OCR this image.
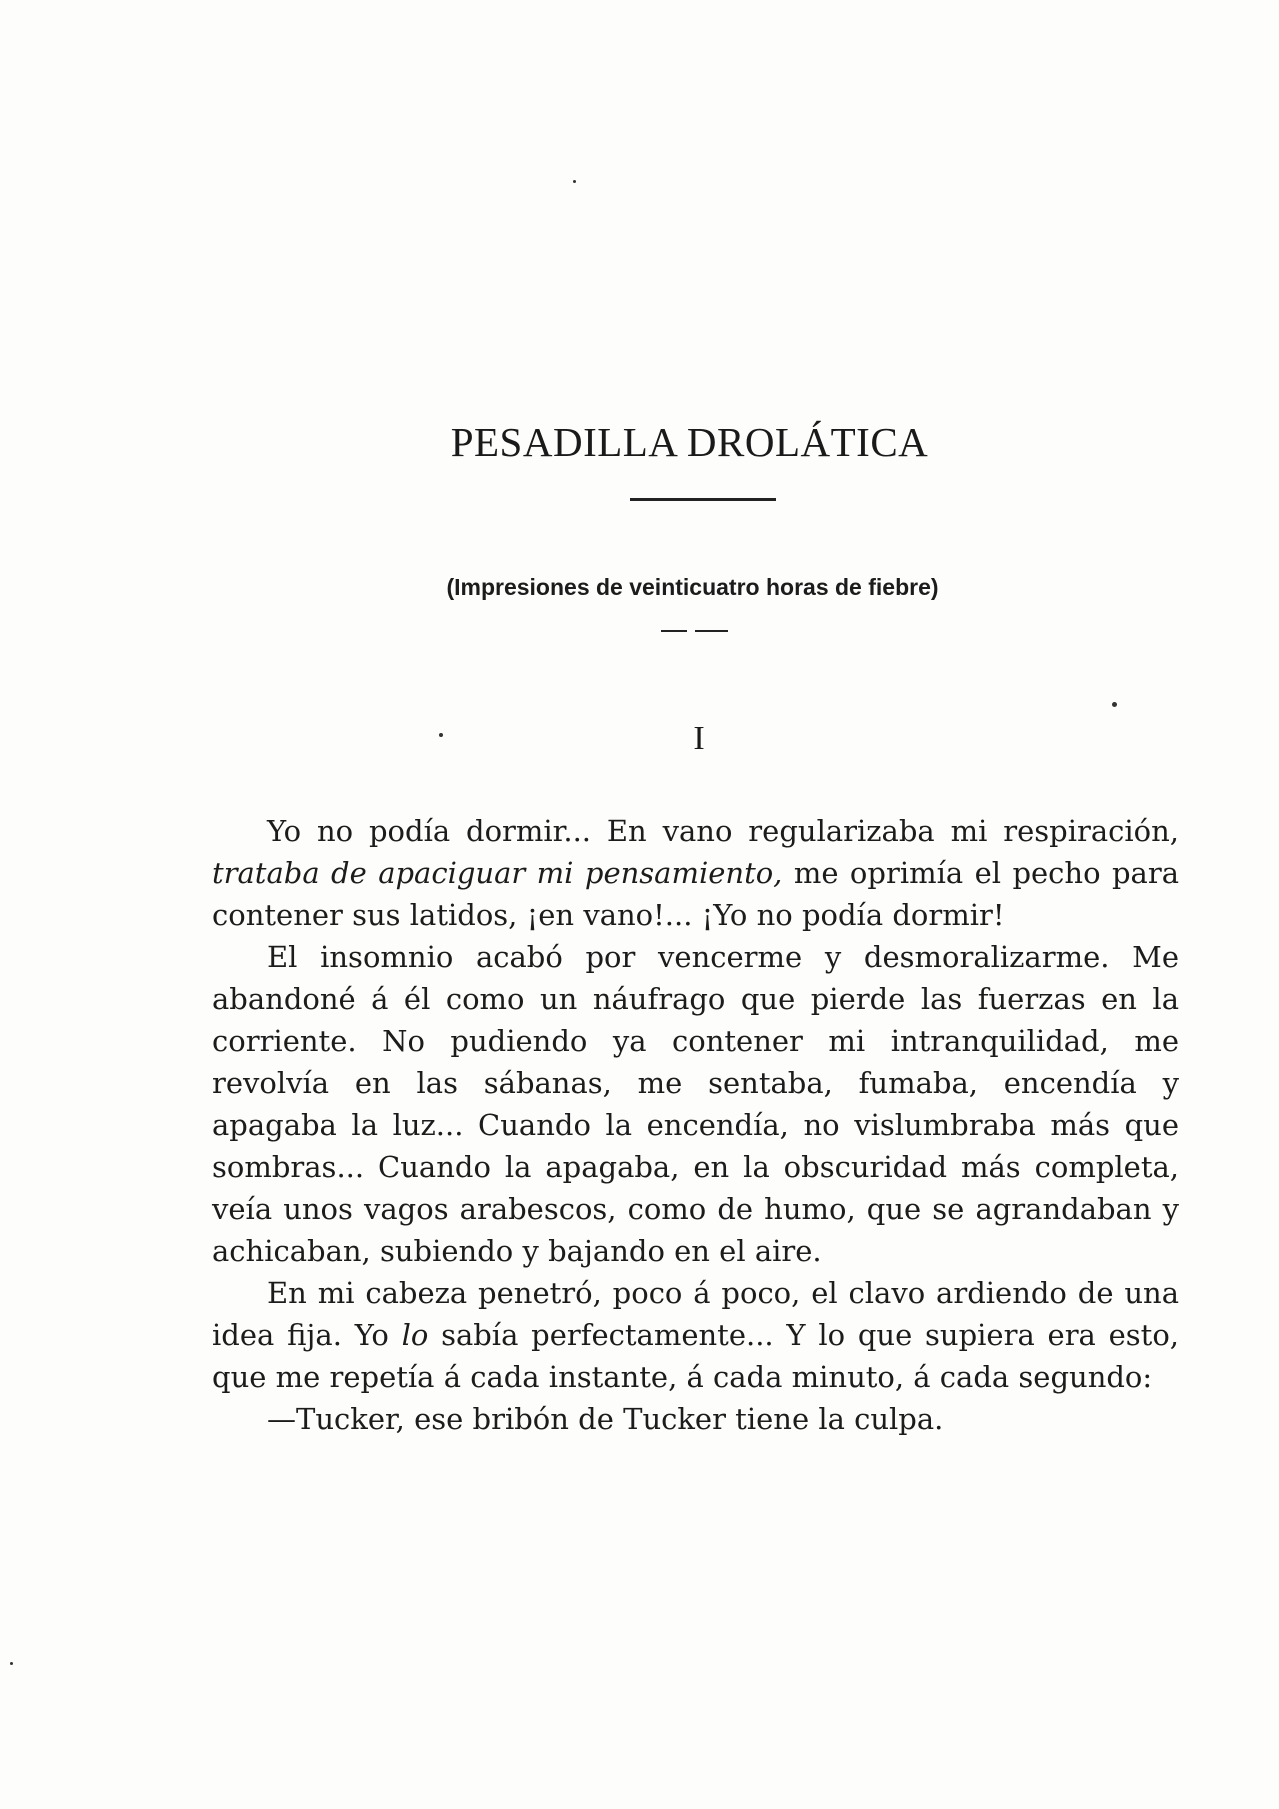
PESADILLA DROLÁTICA
(Impresiones de veinticuatro horas de fiebre)
I

Yo no podía dormir... En vano regularizaba mi respiración, trataba de apaciguar mi pensamiento, me oprimía el pecho para contener sus latidos, ¡en vano!... ¡Yo no podía dormir!

El insomnio acabó por vencerme y desmoralizarme. Me abandoné á él como un náufrago que pierde las fuerzas en la corriente. No pudiendo ya contener mi intranquilidad, me revolvía en las sábanas, me sentaba, fumaba, encendía y apagaba la luz... Cuando la encendía, no vislumbraba más que sombras... Cuando la apagaba, en la obscuridad más completa, veía unos vagos arabescos, como de humo, que se agrandaban y achicaban, subiendo y bajando en el aire.

En mi cabeza penetró, poco á poco, el clavo ardiendo de una idea fija. Yo lo sabía perfectamente... Y lo que supiera era esto, que me repetía á cada instante, á cada minuto, á cada segundo:

—Tucker, ese bribón de Tucker tiene la culpa.
